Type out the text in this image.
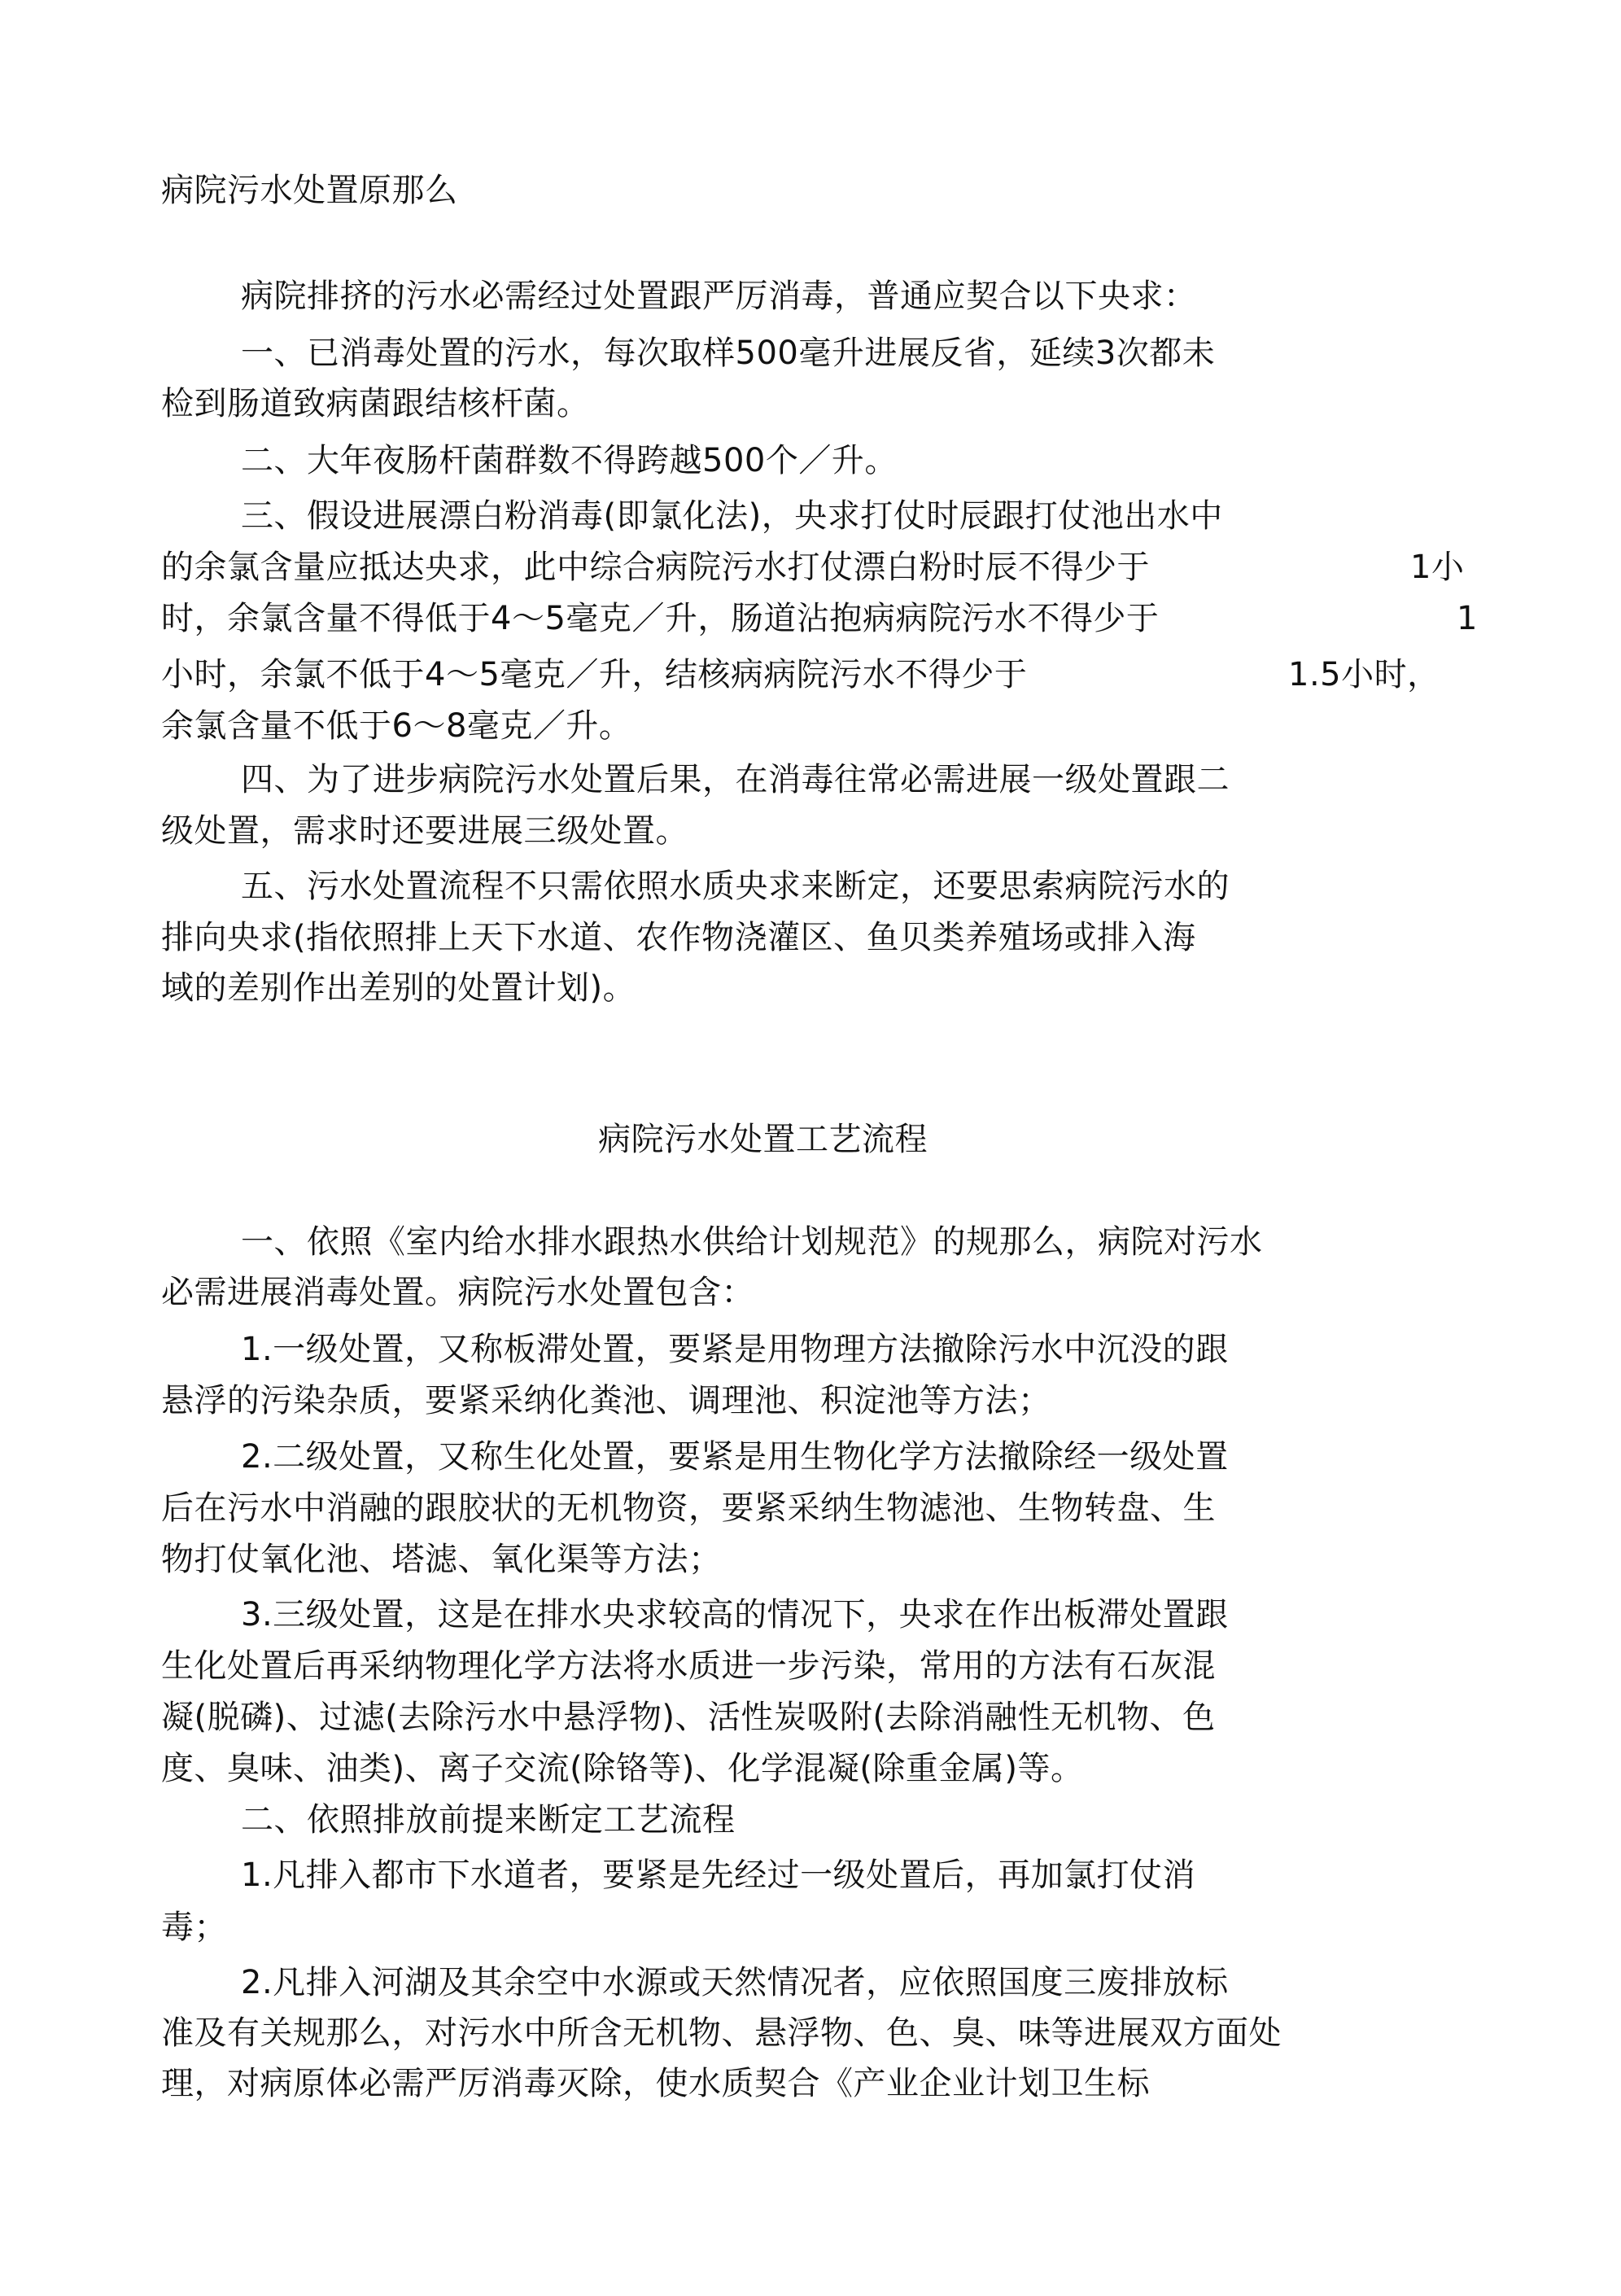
病院污水处置原那么
病院排挤的污水必需经过处置跟严厉消毒，普通应契合以下央求：
一、已消毒处置的污水，每次取样500毫升进展反省，延续3次都未
检到肠道致病菌跟结核杆菌。
二、大年夜肠杆菌群数不得跨越500个／升。
三、假设进展漂白粉消毒(即氯化法)，央求打仗时辰跟打仗池出水中
的余氯含量应抵达央求，此中综合病院污水打仗漂白粉时辰不得少于	1小
时，余氯含量不得低于4～5毫克／升，肠道沾抱病病院污水不得少于	1
小时，余氯不低于4～5毫克／升，结核病病院污水不得少于	1.5小时，
余氯含量不低于6～8毫克／升。
四、为了进步病院污水处置后果，在消毒往常必需进展一级处置跟二
级处置，需求时还要进展三级处置。
五、污水处置流程不只需依照水质央求来断定，还要思索病院污水的
排向央求(指依照排上天下水道、农作物浇灌区、鱼贝类养殖场或排入海
域的差别作出差别的处置计划)。
病院污水处置工艺流程
一、依照《室内给水排水跟热水供给计划规范》的规那么，病院对污水
必需进展消毒处置。病院污水处置包含：
1.一级处置，又称板滞处置，要紧是用物理方法撤除污水中沉没的跟
悬浮的污染杂质，要紧采纳化粪池、调理池、积淀池等方法；
2.二级处置，又称生化处置，要紧是用生物化学方法撤除经一级处置
后在污水中消融的跟胶状的无机物资，要紧采纳生物滤池、生物转盘、生
物打仗氧化池、塔滤、氧化渠等方法；
3.三级处置，这是在排水央求较高的情况下，央求在作出板滞处置跟
生化处置后再采纳物理化学方法将水质进一步污染，常用的方法有石灰混
凝(脱磷)、过滤(去除污水中悬浮物)、活性炭吸附(去除消融性无机物、色
度、臭味、油类)、离子交流(除铬等)、化学混凝(除重金属)等。
二、依照排放前提来断定工艺流程
1.凡排入都市下水道者，要紧是先经过一级处置后，再加氯打仗消
毒；
2.凡排入河湖及其余空中水源或天然情况者，应依照国度三废排放标
准及有关规那么，对污水中所含无机物、悬浮物、色、臭、味等进展双方面处
理，对病原体必需严厉消毒灭除，使水质契合《产业企业计划卫生标
